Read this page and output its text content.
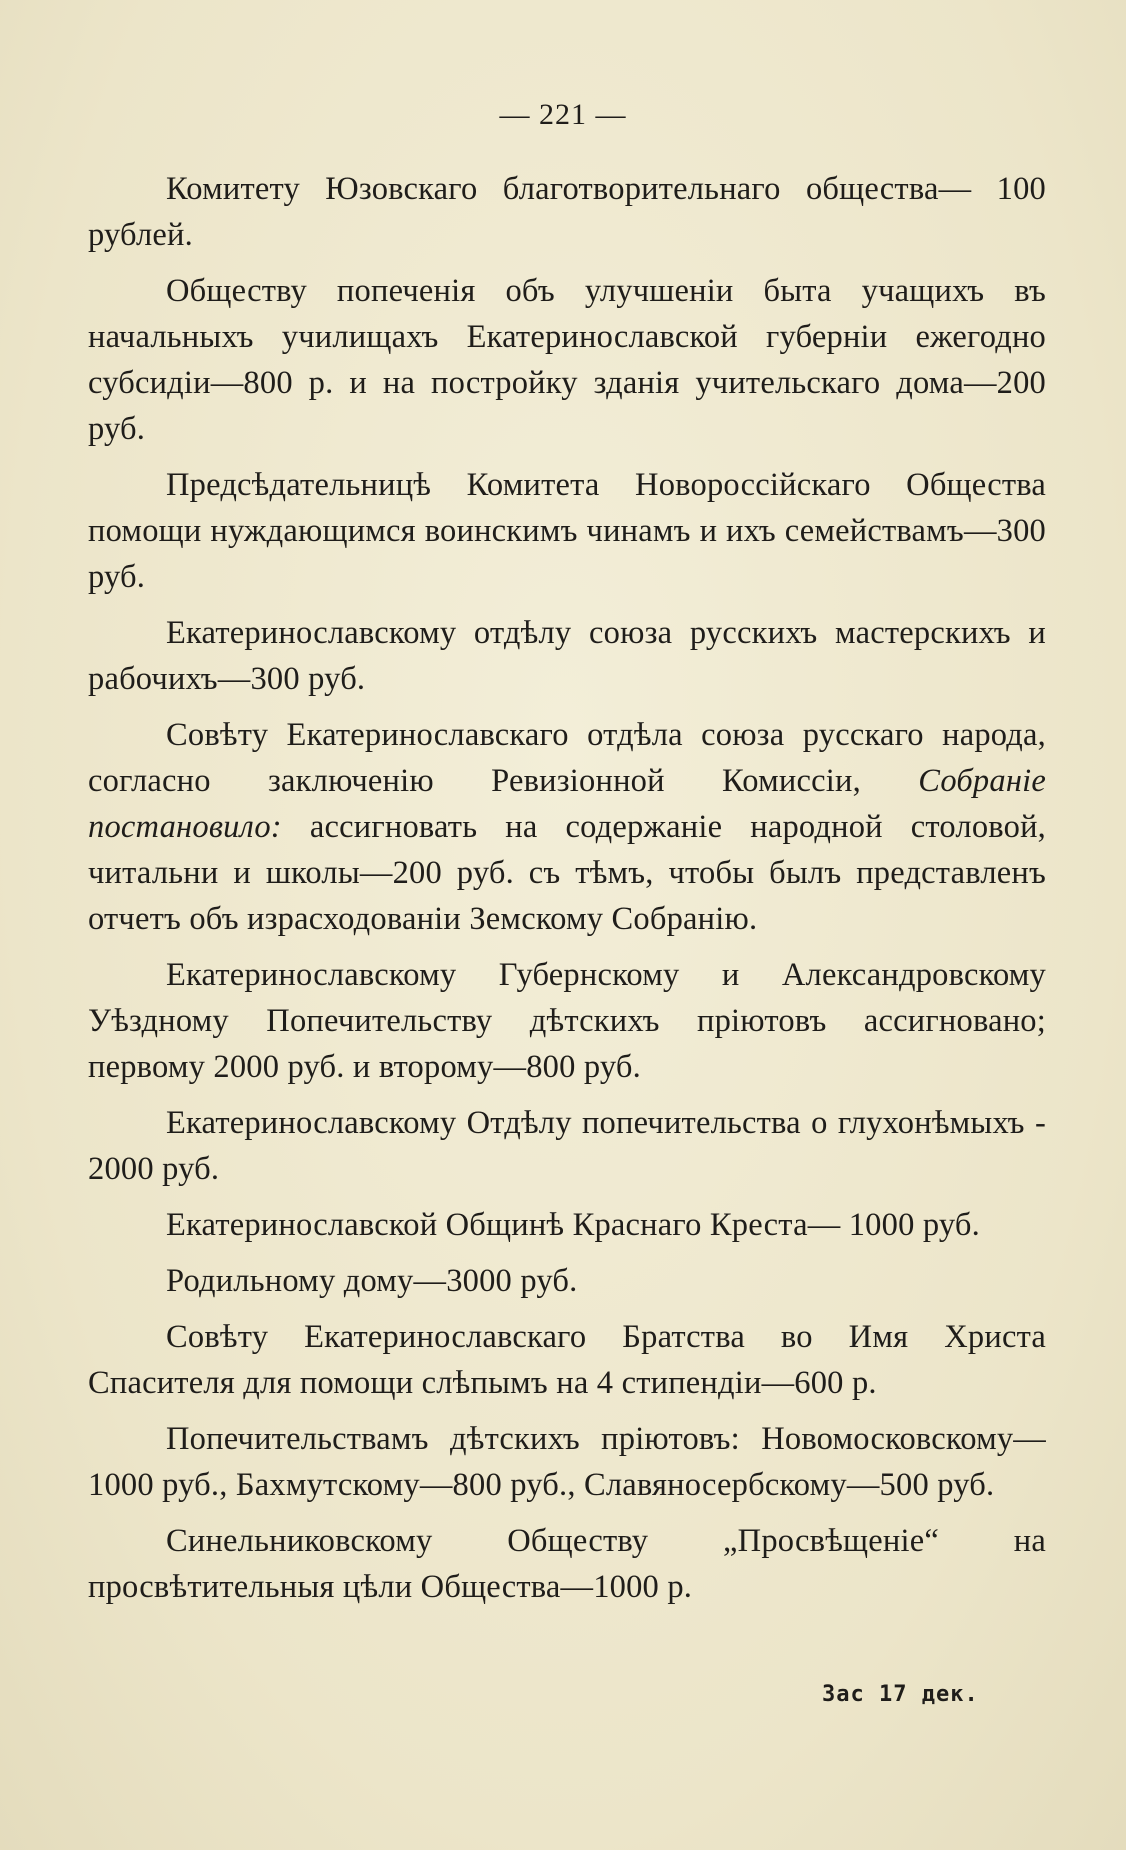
— 221 —

Комитету Юзовскаго благотворительнаго общества— 100 рублей.

Обществу попеченія объ улучшеніи быта учащихъ въ начальныхъ училищахъ Екатеринославской губерніи ежегодно субсидіи—800 р. и на постройку зданія учительскаго дома—200 руб.

Предсѣдательницѣ Комитета Новороссійскаго Общества помощи нуждающимся воинскимъ чинамъ и ихъ семействамъ—300 руб.

Екатеринославскому отдѣлу союза русскихъ мастерскихъ и рабочихъ—300 руб.

Совѣту Екатеринославскаго отдѣла союза русскаго народа, согласно заключенію Ревизіонной Комиссіи, Собраніе постановило: ассигновать на содержаніе народной столовой, читальни и школы—200 руб. съ тѣмъ, чтобы былъ представленъ отчетъ объ израсходованіи Земскому Собранію.

Екатеринославскому Губернскому и Александровскому Уѣздному Попечительству дѣтскихъ пріютовъ ассигновано; первому 2000 руб. и второму—800 руб.

Екатеринославскому Отдѣлу попечительства о глухонѣмыхъ - 2000 руб.

Екатеринославской Общинѣ Краснаго Креста— 1000 руб.

Родильному дому—3000 руб.

Совѣту Екатеринославскаго Братства во Имя Христа Спасителя для помощи слѣпымъ на 4 стипендіи—600 р.

Попечительствамъ дѣтскихъ пріютовъ: Новомосковскому—1000 руб., Бахмутскому—800 руб., Славяносербскому—500 руб.

Синельниковскому Обществу „Просвѣщеніе“ на просвѣтительныя цѣли Общества—1000 р.

Зас 17 дек.
